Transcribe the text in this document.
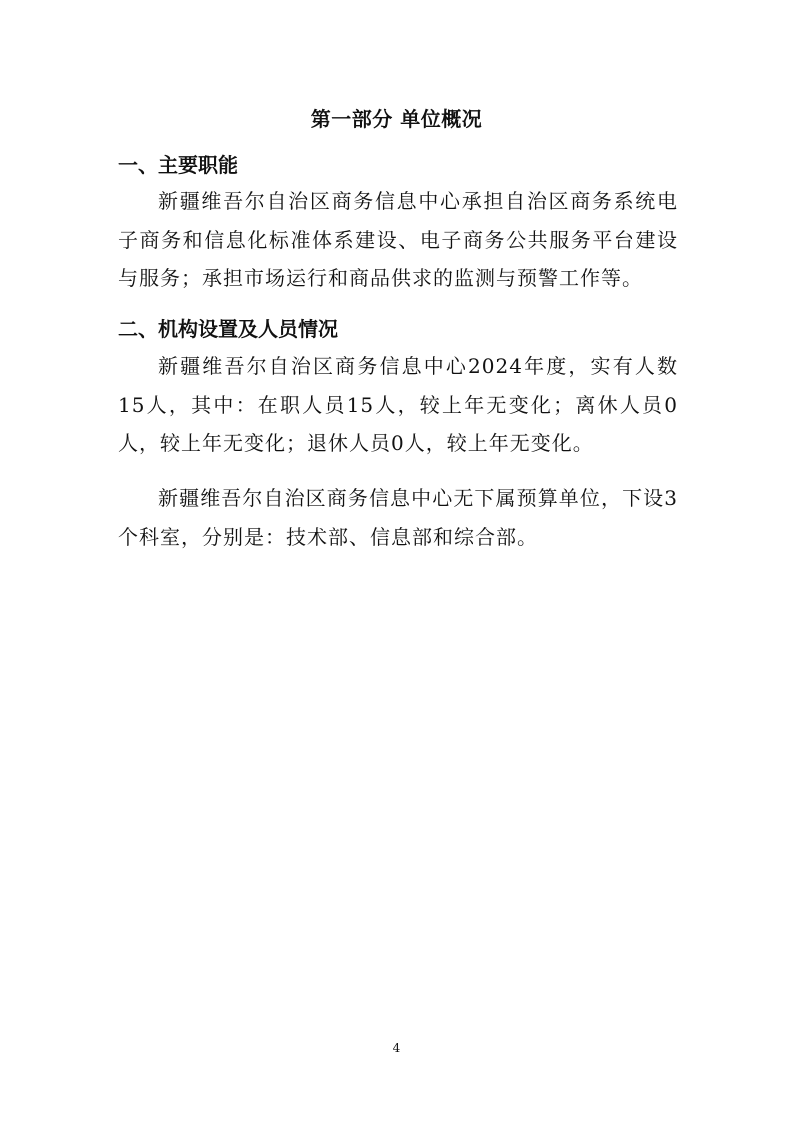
第一部分 单位概况
一、主要职能
新疆维吾尔自治区商务信息中心承担自治区商务系统电子商务和信息化标准体系建设、电子商务公共服务平台建设与服务；承担市场运行和商品供求的监测与预警工作等。
二、机构设置及人员情况
新疆维吾尔自治区商务信息中心2024年度，实有人数15人，其中：在职人员15人，较上年无变化；离休人员0人，较上年无变化；退休人员0人，较上年无变化。
新疆维吾尔自治区商务信息中心无下属预算单位，下设3个科室，分别是：技术部、信息部和综合部。
4
